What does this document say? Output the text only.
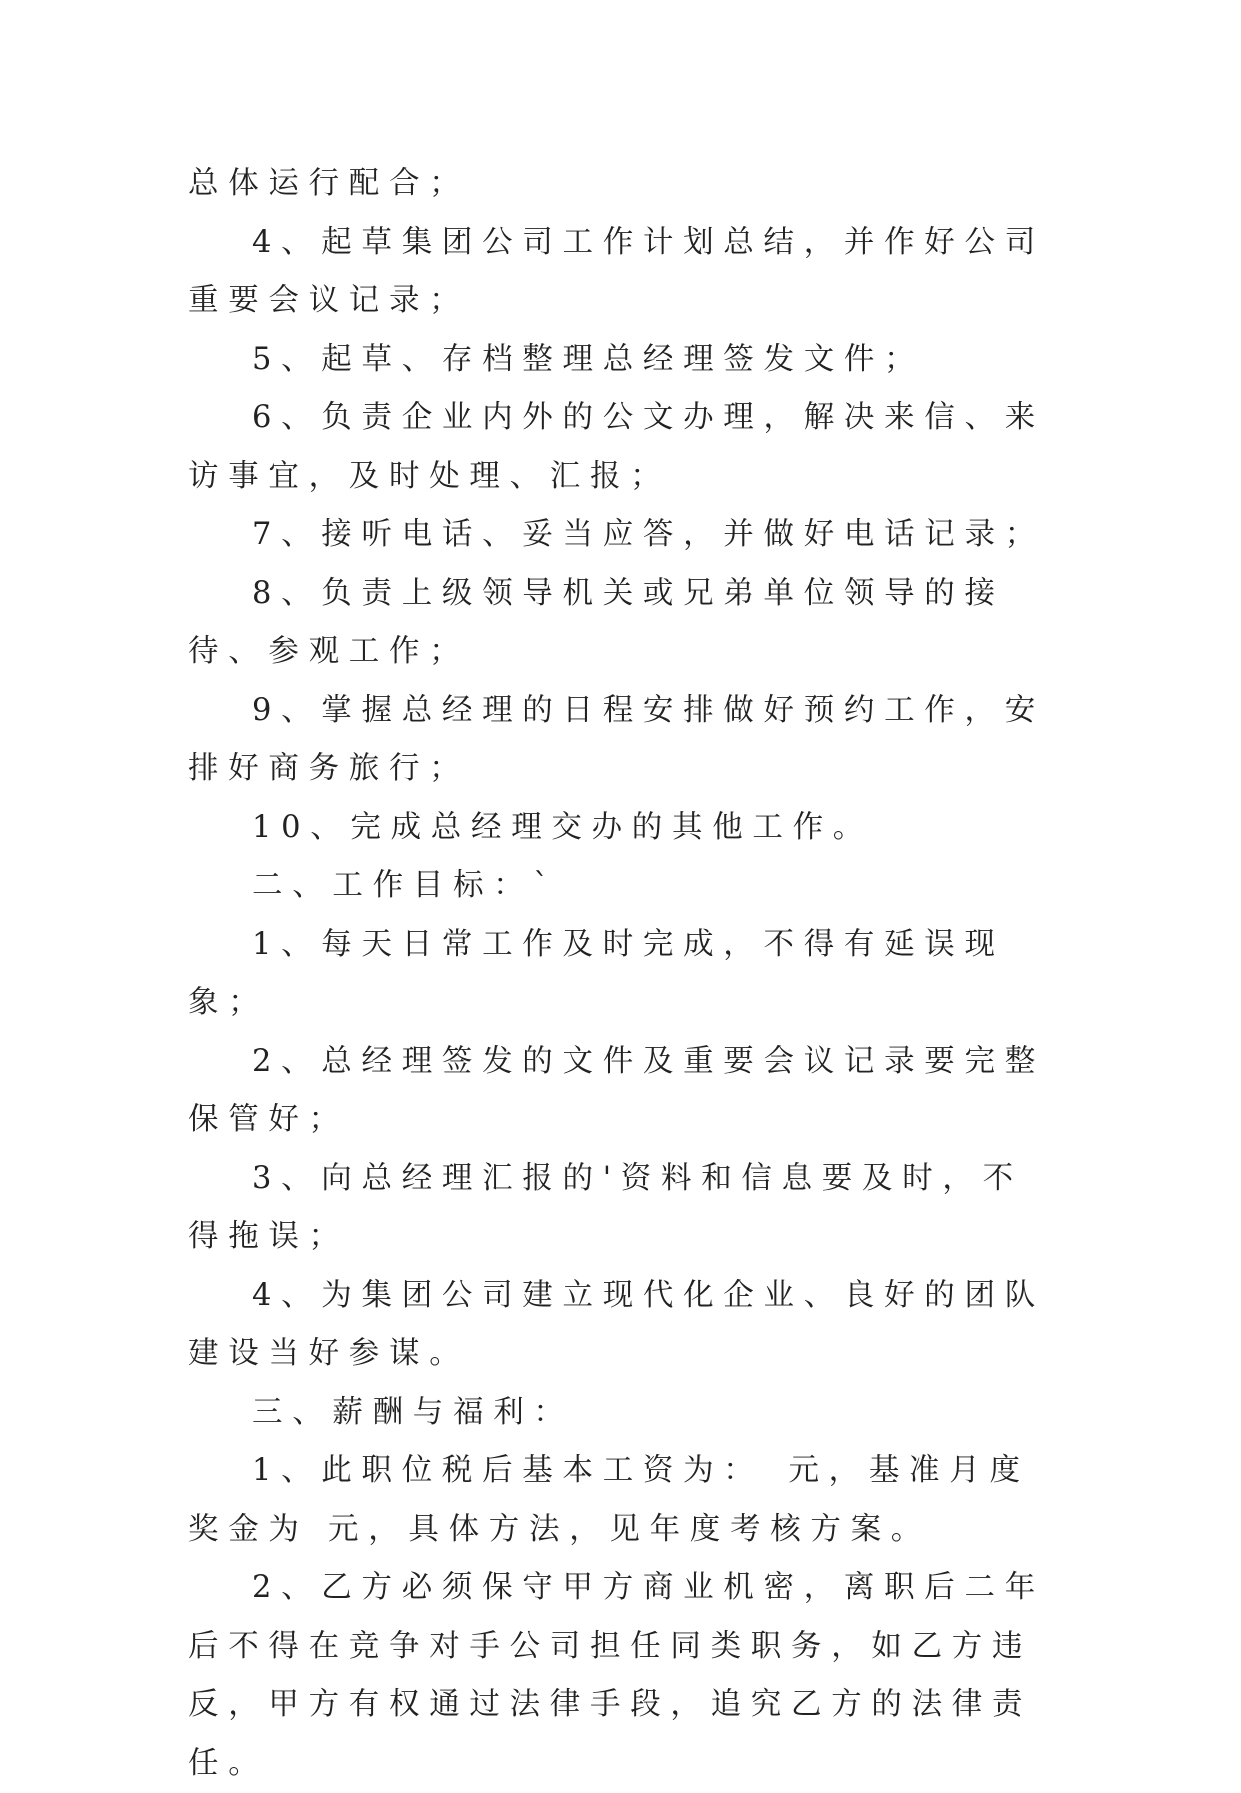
总体运行配合；

4、起草集团公司工作计划总结，并作好公司重要会议记录；

5、起草、存档整理总经理签发文件；

6、负责企业内外的公文办理，解决来信、来访事宜，及时处理、汇报；

7、接听电话、妥当应答，并做好电话记录；

8、负责上级领导机关或兄弟单位领导的接待、参观工作；

9、掌握总经理的日程安排做好预约工作，安排好商务旅行；

10、完成总经理交办的其他工作。

二、工作目标：`

1、每天日常工作及时完成，不得有延误现象；

2、总经理签发的文件及重要会议记录要完整保管好；

3、向总经理汇报的'资料和信息要及时，不得拖误；

4、为集团公司建立现代化企业、良好的团队建设当好参谋。

三、薪酬与福利：

1、此职位税后基本工资为：　元，基准月度奖金为 元，具体方法，见年度考核方案。

2、乙方必须保守甲方商业机密，离职后二年后不得在竞争对手公司担任同类职务，如乙方违反，甲方有权通过法律手段，追究乙方的法律责任。
